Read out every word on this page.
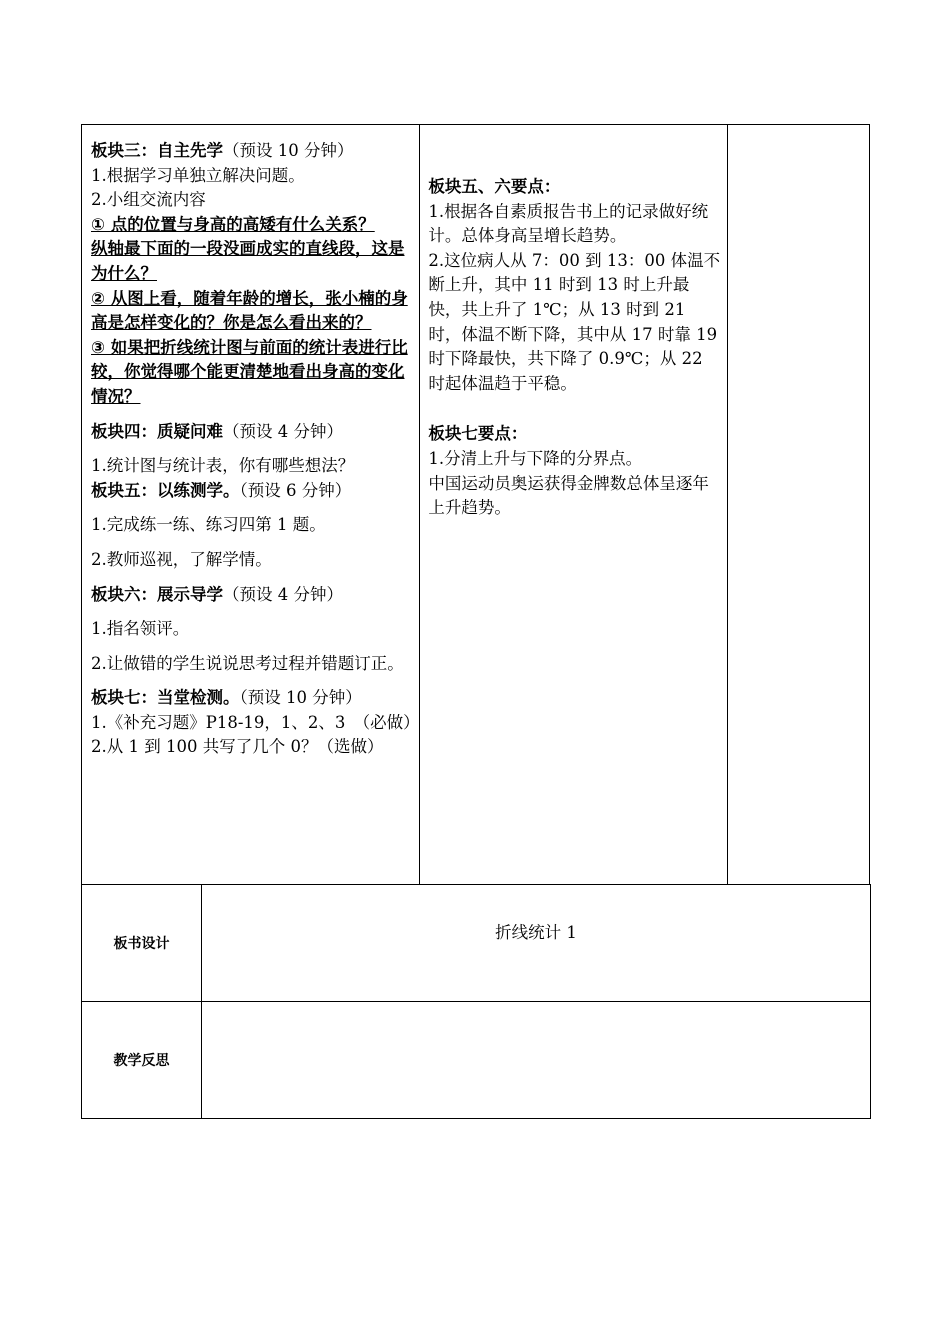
板块三：自主先学（预设 10 分钟）
1.根据学习单独立解决问题。
2.小组交流内容
① 点的位置与身高的高矮有什么关系？
纵轴最下面的一段没画成实的直线段，这是为什么？
② 从图上看，随着年龄的增长，张小楠的身高是怎样变化的？你是怎么看出来的？
③ 如果把折线统计图与前面的统计表进行比较，你觉得哪个能更清楚地看出身高的变化情况？
板块四：质疑问难（预设 4 分钟）
1.统计图与统计表，你有哪些想法？
板块五：以练测学。（预设 6 分钟）
1.完成练一练、练习四第 1 题。
2.教师巡视，了解学情。
板块六：展示导学（预设 4 分钟）
1.指名领评。
2.让做错的学生说说思考过程并错题订正。
板块七：当堂检测。（预设 10 分钟）
1.《补充习题》P18-19，1、2、3　（必做）
2.从 1 到 100 共写了几个 0？（选做）

板块五、六要点：
1.根据各自素质报告书上的记录做好统计。总体身高呈增长趋势。
2.这位病人从 7：00 到 13：00 体温不断上升，其中 11 时到 13 时上升最快，共上升了 1℃；从 13 时到 21 时，体温不断下降，其中从 17 时靠 19 时下降最快，共下降了 0.9℃；从 22 时起体温趋于平稳。
板块七要点：
1.分清上升与下降的分界点。
中国运动员奥运获得金牌数总体呈逐年上升趋势。

板书设计	折线统计 1

教学反思	
